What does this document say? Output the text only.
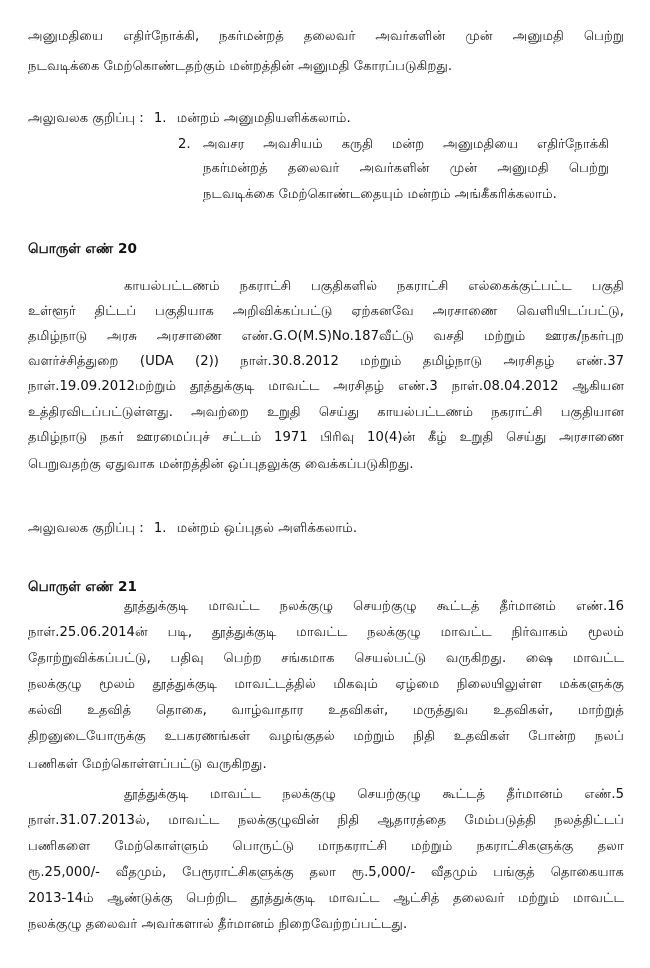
அனுமதியை எதிர்நோக்கி, நகர்மன்றத் தலைவர் அவர்களின் முன் அனுமதி பெற்று
நடவடிக்கை மேற்கொண்டதற்கும் மன்றத்தின் அனுமதி கோரப்படுகிறது.
அலுவலக குறிப்பு : 1. மன்றம் அனுமதியளிக்கலாம்.
2. அவசர அவசியம் கருதி மன்ற அனுமதியை எதிர்நோக்கி
நகர்மன்றத் தலைவர் அவர்களின் முன் அனுமதி பெற்று
நடவடிக்கை மேற்கொண்டதையும் மன்றம் அங்கீகரிக்கலாம்.
பொருள் எண் 20
காயல்பட்டணம் நகராட்சி பகுதிகளில் நகராட்சி எல்கைக்குட்பட்ட பகுதி
உள்ளூர் திட்டப் பகுதியாக அறிவிக்கப்பட்டு ஏற்கனவே அரசாணை வெளியிடப்பட்டு,
தமிழ்நாடு அரசு அரசாணை எண்.G.O(M.S)No.187வீட்டு வசதி மற்றும் ஊரக/நகர்புற
வளர்ச்சித்துறை (UDA (2)) நாள்.30.8.2012 மற்றும் தமிழ்நாடு அரசிதழ் எண்.37
நாள்.19.09.2012மற்றும் தூத்துக்குடி மாவட்ட அரசிதழ் எண்.3 நாள்.08.04.2012 ஆகியன
உத்திரவிடப்பட்டுள்ளது. அவற்றை உறுதி செய்து காயல்பட்டணம் நகராட்சி பகுதியான
தமிழ்நாடு நகர் ஊரமைப்புச் சட்டம் 1971 பிரிவு 10(4)ன் கீழ் உறுதி செய்து அரசாணை
பெறுவதற்கு ஏதுவாக மன்றத்தின் ஒப்புதலுக்கு வைக்கப்படுகிறது.
அலுவலக குறிப்பு : 1. மன்றம் ஒப்புதல் அளிக்கலாம்.
பொருள் எண் 21
தூத்துக்குடி மாவட்ட நலக்குழு செயற்குழு கூட்டத் தீர்மானம் எண்.16
நாள்.25.06.2014ன் படி, தூத்துக்குடி மாவட்ட நலக்குழு மாவட்ட நிர்வாகம் மூலம்
தோற்றுவிக்கப்பட்டு, பதிவு பெற்ற சங்கமாக செயல்பட்டு வருகிறது. ஷை மாவட்ட
நலக்குழு மூலம் தூத்துக்குடி மாவட்டத்தில் மிகவும் ஏழ்மை நிலையிலுள்ள மக்களுக்கு
கல்வி உதவித் தொகை, வாழ்வாதார உதவிகள், மருத்துவ உதவிகள், மாற்றுத்
திறனுடையோருக்கு உபகரணங்கள் வழங்குதல் மற்றும் நிதி உதவிகள் போன்ற நலப்
பணிகள் மேற்கொள்ளப்பட்டு வருகிறது.
தூத்துக்குடி மாவட்ட நலக்குழு செயற்குழு கூட்டத் தீர்மானம் எண்.5
நாள்.31.07.2013ல், மாவட்ட நலக்குழுவின் நிதி ஆதாரத்தை மேம்படுத்தி நலத்திட்டப்
பணிகளை மேற்கொள்ளும் பொருட்டு மாநகராட்சி மற்றும் நகராட்சிகளுக்கு தலா
ரூ.25,000/- வீதமும், பேரூராட்சிகளுக்கு தலா ரூ.5,000/- வீதமும் பங்குத் தொகையாக
2013-14ம் ஆண்டுக்கு பெற்றிட தூத்துக்குடி மாவட்ட ஆட்சித் தலைவர் மற்றும் மாவட்ட
நலக்குழு தலைவர் அவர்களால் தீர்மானம் நிறைவேற்றப்பட்டது.
